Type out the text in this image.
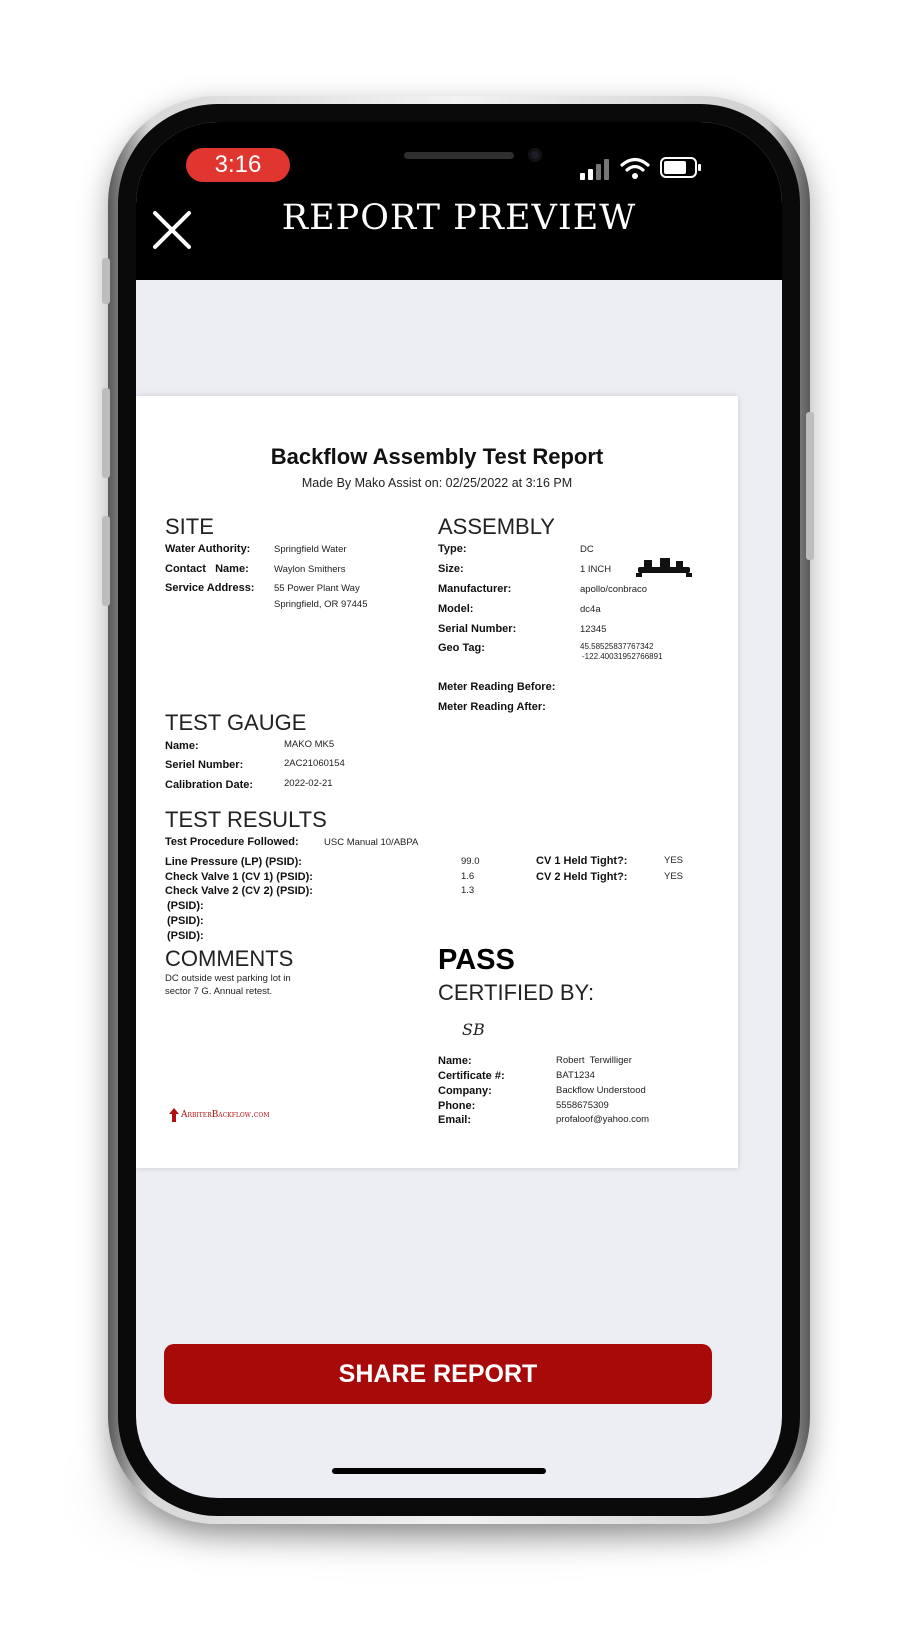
3:16
REPORT PREVIEW
Backflow Assembly Test Report
Made By Mako Assist on: 02/25/2022 at 3:16 PM
SITE
Water Authority: Springfield Water
Contact   Name:	Waylon Smithers
Service Address: 55 Power Plant Way
Springfield, OR 97445
ASSEMBLY
Type:	DC
Size:	1 INCH
Manufacturer:	apollo/conbraco
Model:	dc4a
Serial Number:	12345
Geo Tag:	45.58525837767342
-122.40031952766891
Meter Reading Before:
Meter Reading After:
TEST GAUGE
Name:	MAKO MK5
Seriel Number:	2AC21060154
Calibration Date:	2022-02-21
TEST RESULTS
Test Procedure Followed:	USC Manual 10/ABPA
Line Pressure (LP) (PSID):	99.0
Check Valve 1 (CV 1) (PSID):	1.6
Check Valve 2 (CV 2) (PSID):	1.3
(PSID):
(PSID):
(PSID):
CV 1 Held Tight?:	YES
CV 2 Held Tight?:	YES
COMMENTS
DC outside west parking lot in
sector 7 G. Annual retest.
PASS
CERTIFIED BY:
SB
Name:	Robert  Terwilliger
Certificate #:	BAT1234
Company:	Backflow Understood
Phone:	5558675309
Email:	profaloof@yahoo.com
ArbiterBackflow.com
SHARE REPORT
